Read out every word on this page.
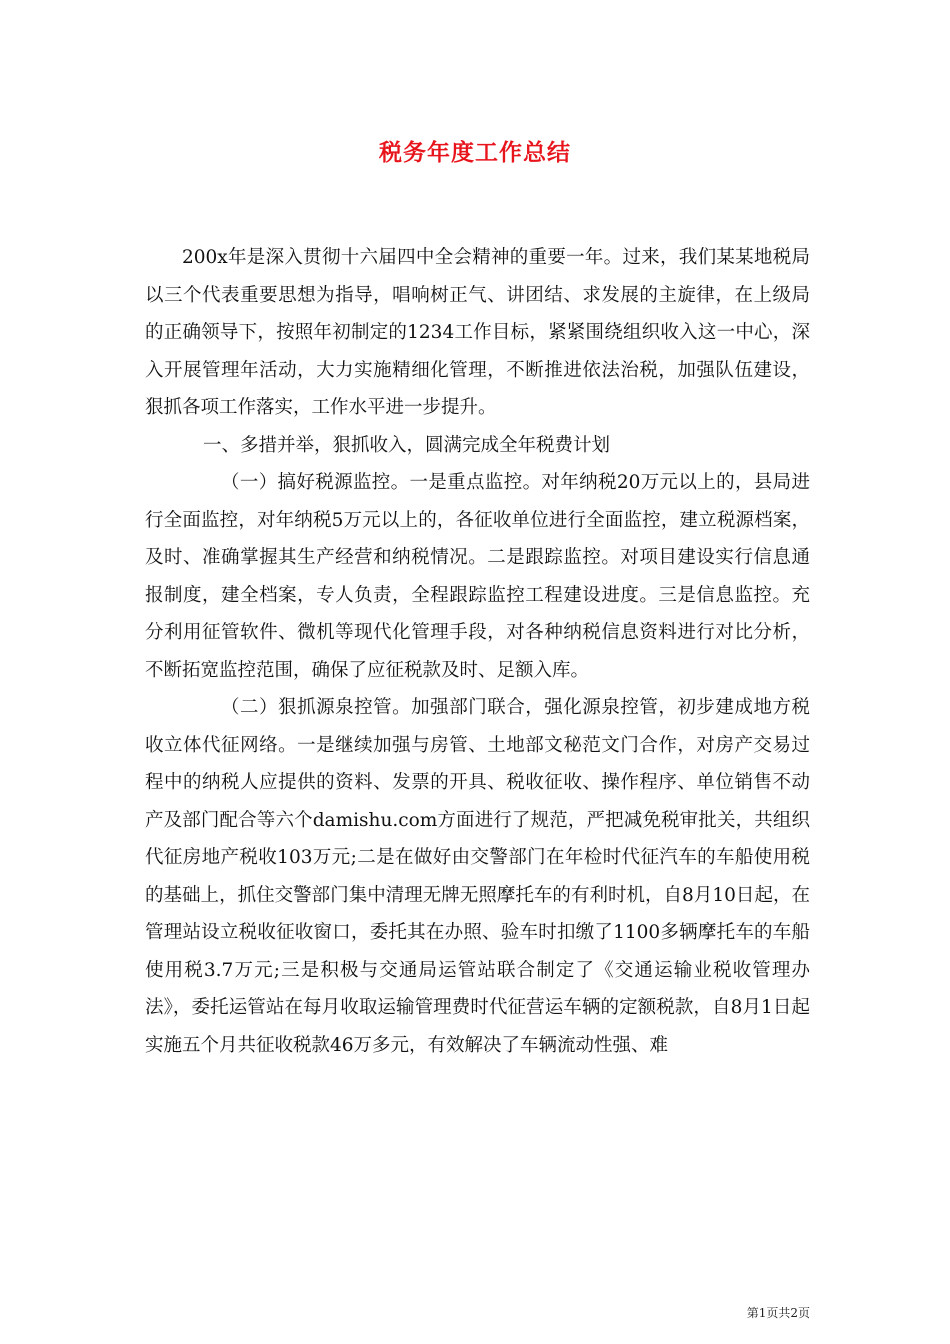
税务年度工作总结

200x年是深入贯彻十六届四中全会精神的重要一年。过来，我们某某地税局以三个代表重要思想为指导，唱响树正气、讲团结、求发展的主旋律，在上级局的正确领导下，按照年初制定的1234工作目标，紧紧围绕组织收入这一中心，深入开展管理年活动，大力实施精细化管理，不断推进依法治税，加强队伍建设，狠抓各项工作落实，工作水平进一步提升。

一、多措并举，狠抓收入，圆满完成全年税费计划

（一）搞好税源监控。一是重点监控。对年纳税20万元以上的，县局进行全面监控，对年纳税5万元以上的，各征收单位进行全面监控，建立税源档案，及时、准确掌握其生产经营和纳税情况。二是跟踪监控。对项目建设实行信息通报制度，建全档案，专人负责，全程跟踪监控工程建设进度。三是信息监控。充分利用征管软件、微机等现代化管理手段，对各种纳税信息资料进行对比分析，不断拓宽监控范围，确保了应征税款及时、足额入库。

（二）狠抓源泉控管。加强部门联合，强化源泉控管，初步建成地方税收立体代征网络。一是继续加强与房管、土地部文秘范文门合作，对房产交易过程中的纳税人应提供的资料、发票的开具、税收征收、操作程序、单位销售不动产及部门配合等六个damishu.com方面进行了规范，严把减免税审批关，共组织代征房地产税收103万元;二是在做好由交警部门在年检时代征汽车的车船使用税的基础上，抓住交警部门集中清理无牌无照摩托车的有利时机，自8月10日起，在管理站设立税收征收窗口，委托其在办照、验车时扣缴了1100多辆摩托车的车船使用税3.7万元;三是积极与交通局运管站联合制定了《交通运输业税收管理办法》，委托运管站在每月收取运输管理费时代征营运车辆的定额税款，自8月1日起实施五个月共征收税款46万多元，有效解决了车辆流动性强、难

第1页共2页
